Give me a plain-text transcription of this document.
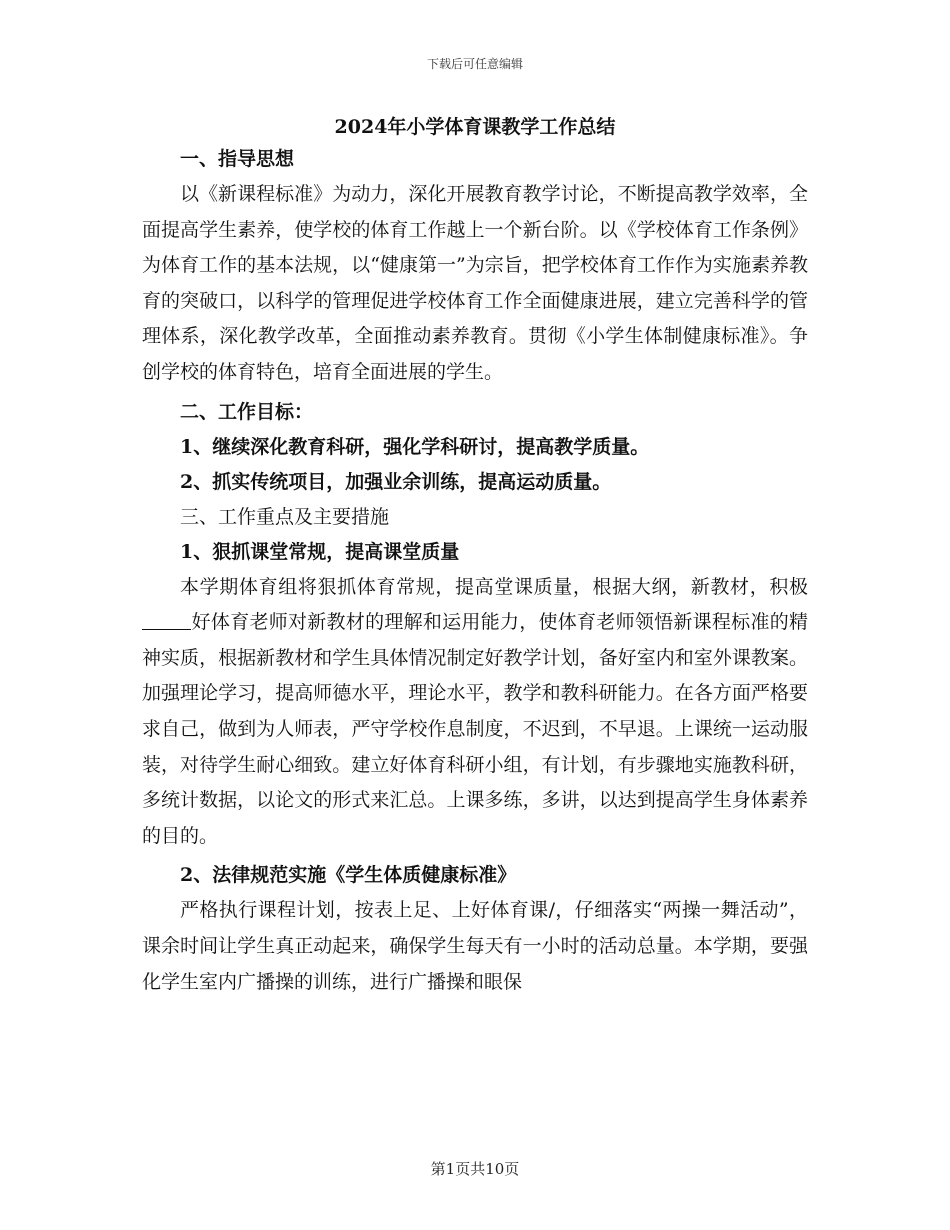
下载后可任意编辑
2024年小学体育课教学工作总结
一、指导思想
以《新课程标准》为动力，深化开展教育教学讨论，不断提高教学效率，全面提高学生素养，使学校的体育工作越上一个新台阶。以《学校体育工作条例》为体育工作的基本法规，以“健康第一”为宗旨，把学校体育工作作为实施素养教育的突破口，以科学的管理促进学校体育工作全面健康进展，建立完善科学的管理体系，深化教学改革，全面推动素养教育。贯彻《小学生体制健康标准》。争创学校的体育特色，培育全面进展的学生。
二、工作目标：
1、继续深化教育科研，强化学科研讨，提高教学质量。
2、抓实传统项目，加强业余训练，提高运动质量。
三、工作重点及主要措施
1、狠抓课堂常规，提高课堂质量
本学期体育组将狠抓体育常规，提高堂课质量，根据大纲，新教材，积极好体育老师对新教材的理解和运用能力，使体育老师领悟新课程标准的精神实质，根据新教材和学生具体情况制定好教学计划，备好室内和室外课教案。加强理论学习，提高师德水平，理论水平，教学和教科研能力。在各方面严格要求自己，做到为人师表，严守学校作息制度，不迟到，不早退。上课统一运动服装，对待学生耐心细致。建立好体育科研小组，有计划，有步骤地实施教科研，多统计数据，以论文的形式来汇总。上课多练，多讲，以达到提高学生身体素养的目的。
2、法律规范实施《学生体质健康标准》
严格执行课程计划，按表上足、上好体育课/，仔细落实“两操一舞活动”，课余时间让学生真正动起来，确保学生每天有一小时的活动总量。本学期，要强化学生室内广播操的训练，进行广播操和眼保
第1页共10页
